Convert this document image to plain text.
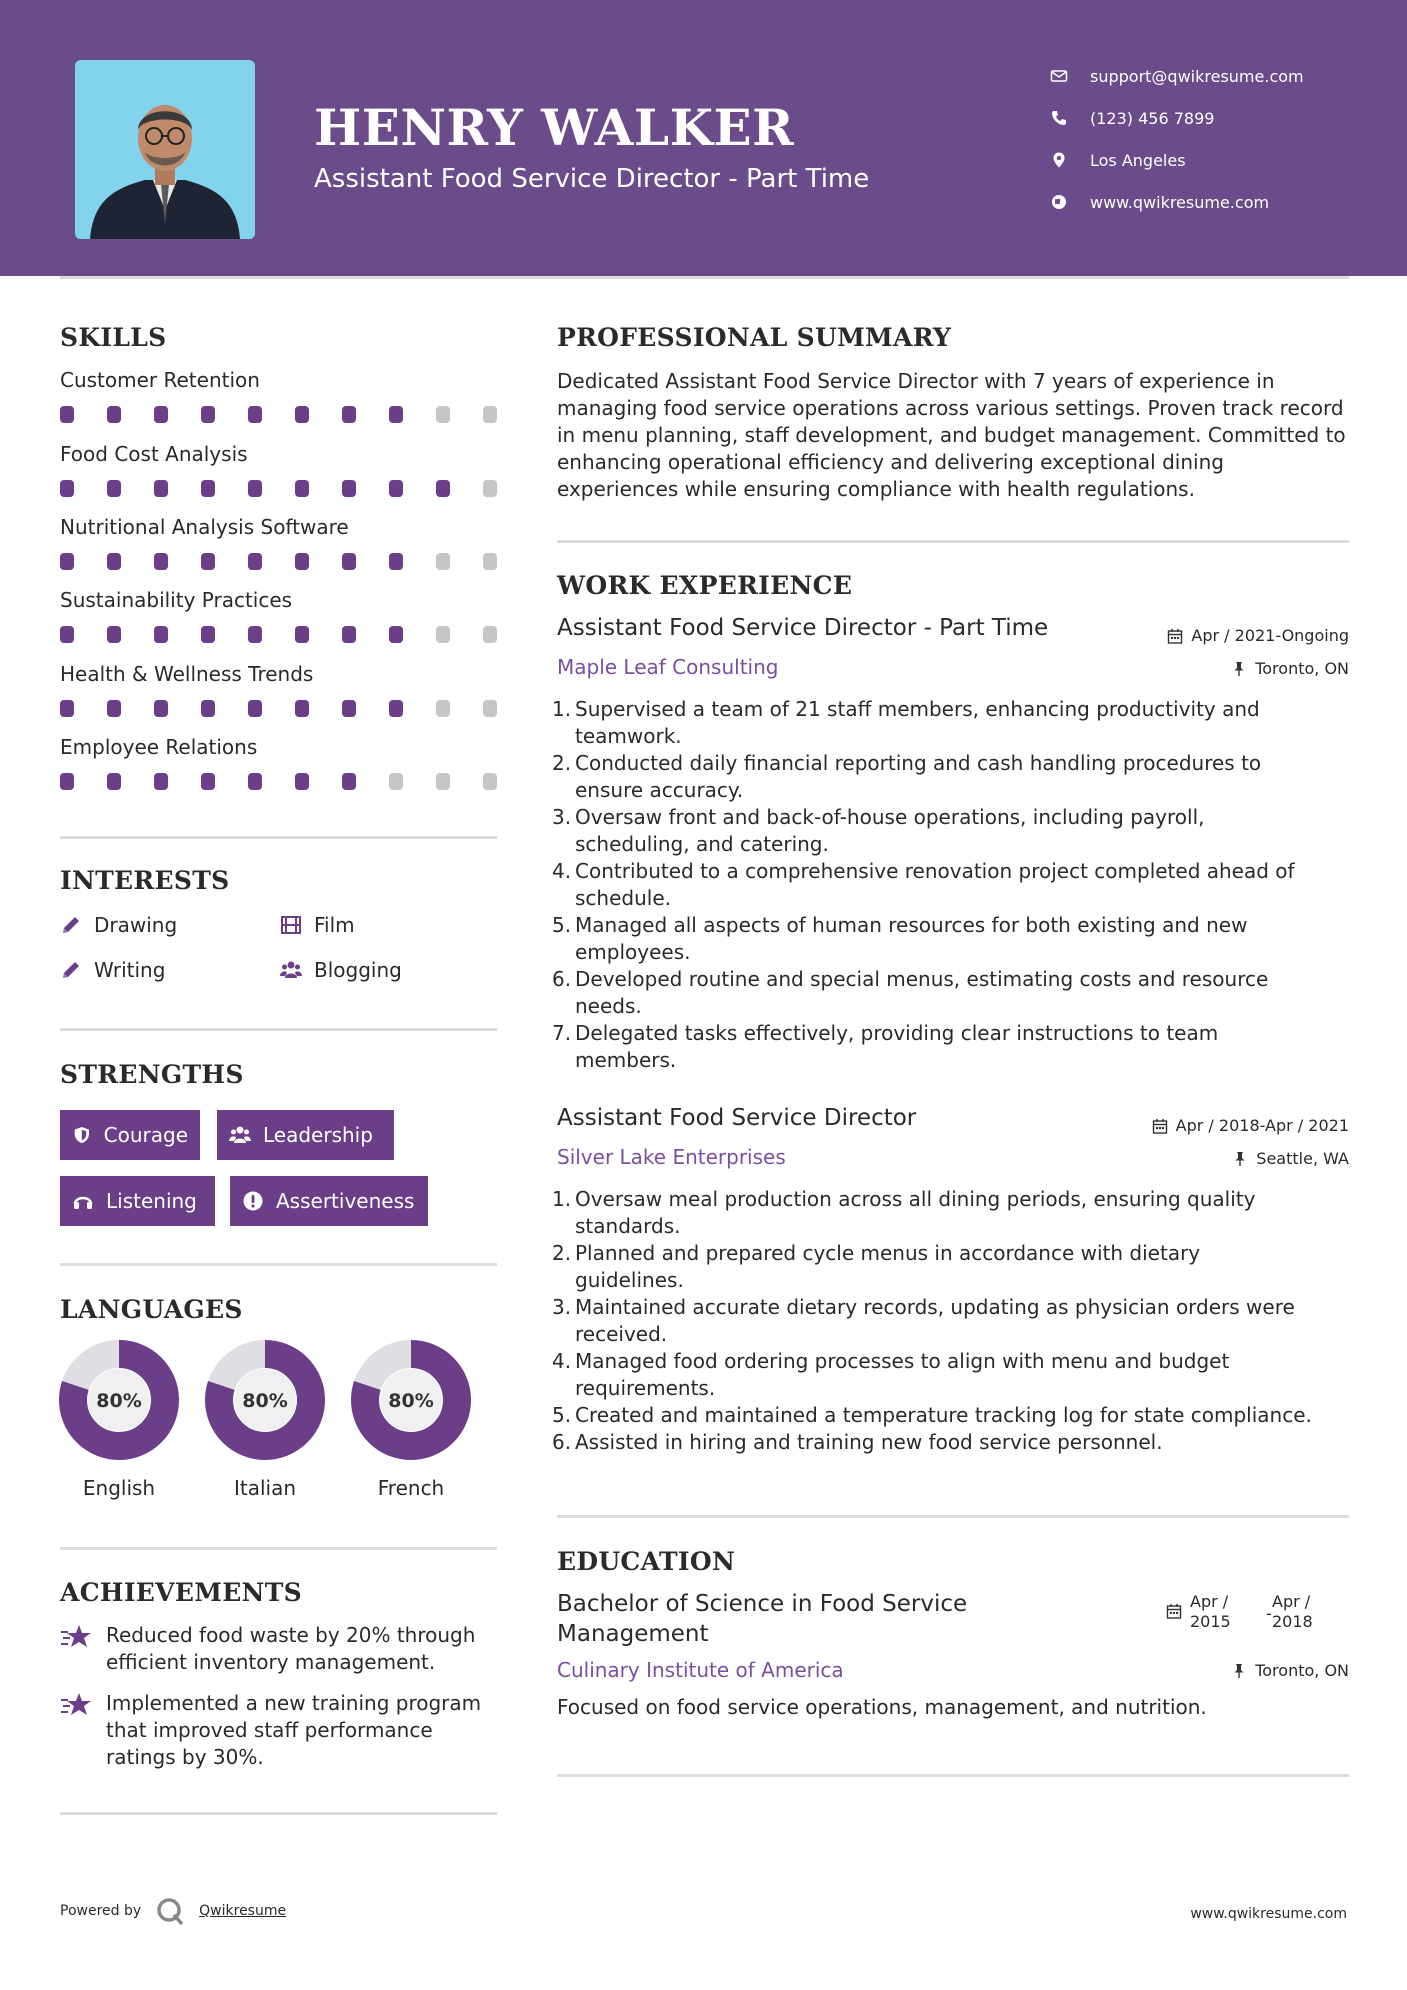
HENRY WALKER
Assistant Food Service Director - Part Time
support@qwikresume.com
(123) 456 7899
Los Angeles
www.qwikresume.com
SKILLS
Customer Retention
Food Cost Analysis
Nutritional Analysis Software
Sustainability Practices
Health & Wellness Trends
Employee Relations
INTERESTS
Drawing	Film
Writing	Blogging
STRENGTHS
Courage	Leadership
Listening	Assertiveness
LANGUAGES
80%
English
80%
Italian
80%
French
ACHIEVEMENTS
Reduced food waste by 20% through efficient inventory management.
Implemented a new training program that improved staff performance ratings by 30%.
PROFESSIONAL SUMMARY
Dedicated Assistant Food Service Director with 7 years of experience in managing food service operations across various settings. Proven track record in menu planning, staff development, and budget management. Committed to enhancing operational efficiency and delivering exceptional dining experiences while ensuring compliance with health regulations.
WORK EXPERIENCE
Assistant Food Service Director - Part Time	Apr / 2021-Ongoing
Maple Leaf Consulting	Toronto, ON
1. Supervised a team of 21 staff members, enhancing productivity and
teamwork.
2. Conducted daily financial reporting and cash handling procedures to
ensure accuracy.
3. Oversaw front and back-of-house operations, including payroll,
scheduling, and catering.
4. Contributed to a comprehensive renovation project completed ahead of
schedule.
5. Managed all aspects of human resources for both existing and new
employees.
6. Developed routine and special menus, estimating costs and resource
needs.
7. Delegated tasks effectively, providing clear instructions to team
members.
Assistant Food Service Director	Apr / 2018-Apr / 2021
Silver Lake Enterprises	Seattle, WA
1. Oversaw meal production across all dining periods, ensuring quality
standards.
2. Planned and prepared cycle menus in accordance with dietary
guidelines.
3. Maintained accurate dietary records, updating as physician orders were
received.
4. Managed food ordering processes to align with menu and budget
requirements.
5. Created and maintained a temperature tracking log for state compliance.
6. Assisted in hiring and training new food service personnel.
EDUCATION
Bachelor of Science in Food Service
Management
Apr /
2015 -
Apr /
2018
Culinary Institute of America	Toronto, ON
Focused on food service operations, management, and nutrition.
Powered by	Qwikresume	www.qwikresume.com
